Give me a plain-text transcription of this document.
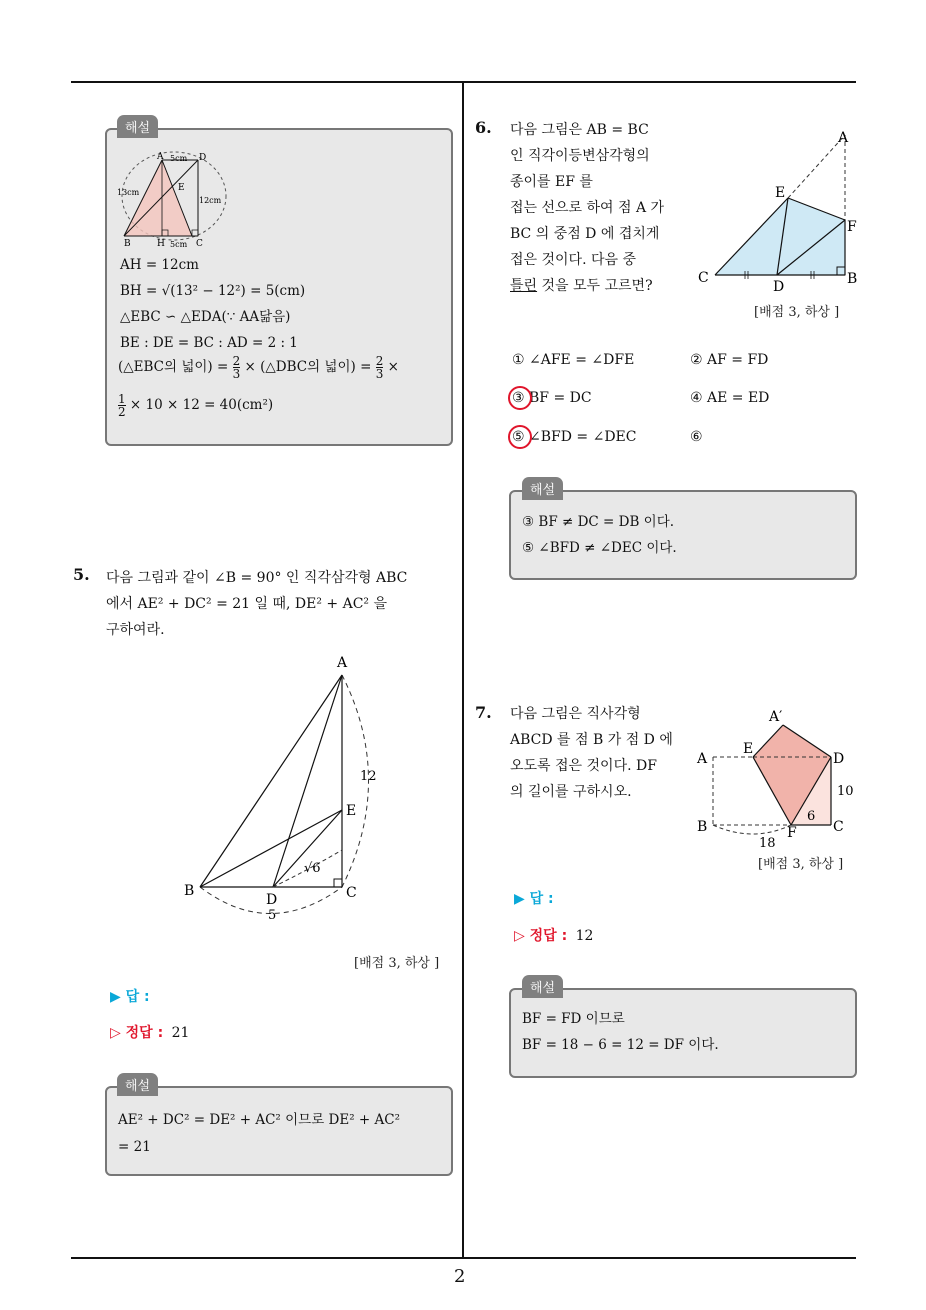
2
해설
A	D
E
B	H	C
5cm
5cm
13cm
12cm
AH = 12cm
BH = √(13² − 12²) = 5(cm)
△EBC ∽ △EDA(∵ AA닮음)
BE : DE = BC : AD = 2 : 1
(△EBC의 넓이) = $\frac{2}{3}$ × (△DBC의 넓이) = $\frac{2}{3}$ ×
$\frac{1}{2} \times 10 \times 12 = 40(cm^2)$
5. 다음 그림과 같이 ∠B = 90° 인 직각삼각형 ABC
에서 AE² + DC² = 21 일 때, DE² + AC² 을
구하여라.
A
E
B
D	C
12
5
√6
[배점 3, 하상 ]
▶ 답 :
▷ 정답 : 21
해설
AE² + DC² = DE² + AC² 이므로 DE² + AC²
= 21
6. 다음 그림은 AB = BC
인 직각이등변삼각형의
종이를 EF 를
접는 선으로 하여 점 A 가
BC 의 중점 D 에 겹치게
접은 것이다. 다음 중
틀린 것을 모두 고르면?
A
E
F
C
D	B
[배점 3, 하상 ]
① ∠AFE = ∠DFE	② AF = FD
③ BF = DC	④ AE = ED
⑤ ∠BFD = ∠DEC	⑥
해설
③ BF ≠ DC = DB 이다.
⑤ ∠BFD ≠ ∠DEC 이다.
7. 다음 그림은 직사각형
ABCD 를 점 B 가 점 D 에
오도록 접은 것이다. DF
의 길이를 구하시오.
A′
E
A	D
B	F	C
10
6
18
[배점 3, 하상 ]
▶ 답 :
▷ 정답 : 12
해설
BF = FD 이므로
BF = 18 − 6 = 12 = DF 이다.
